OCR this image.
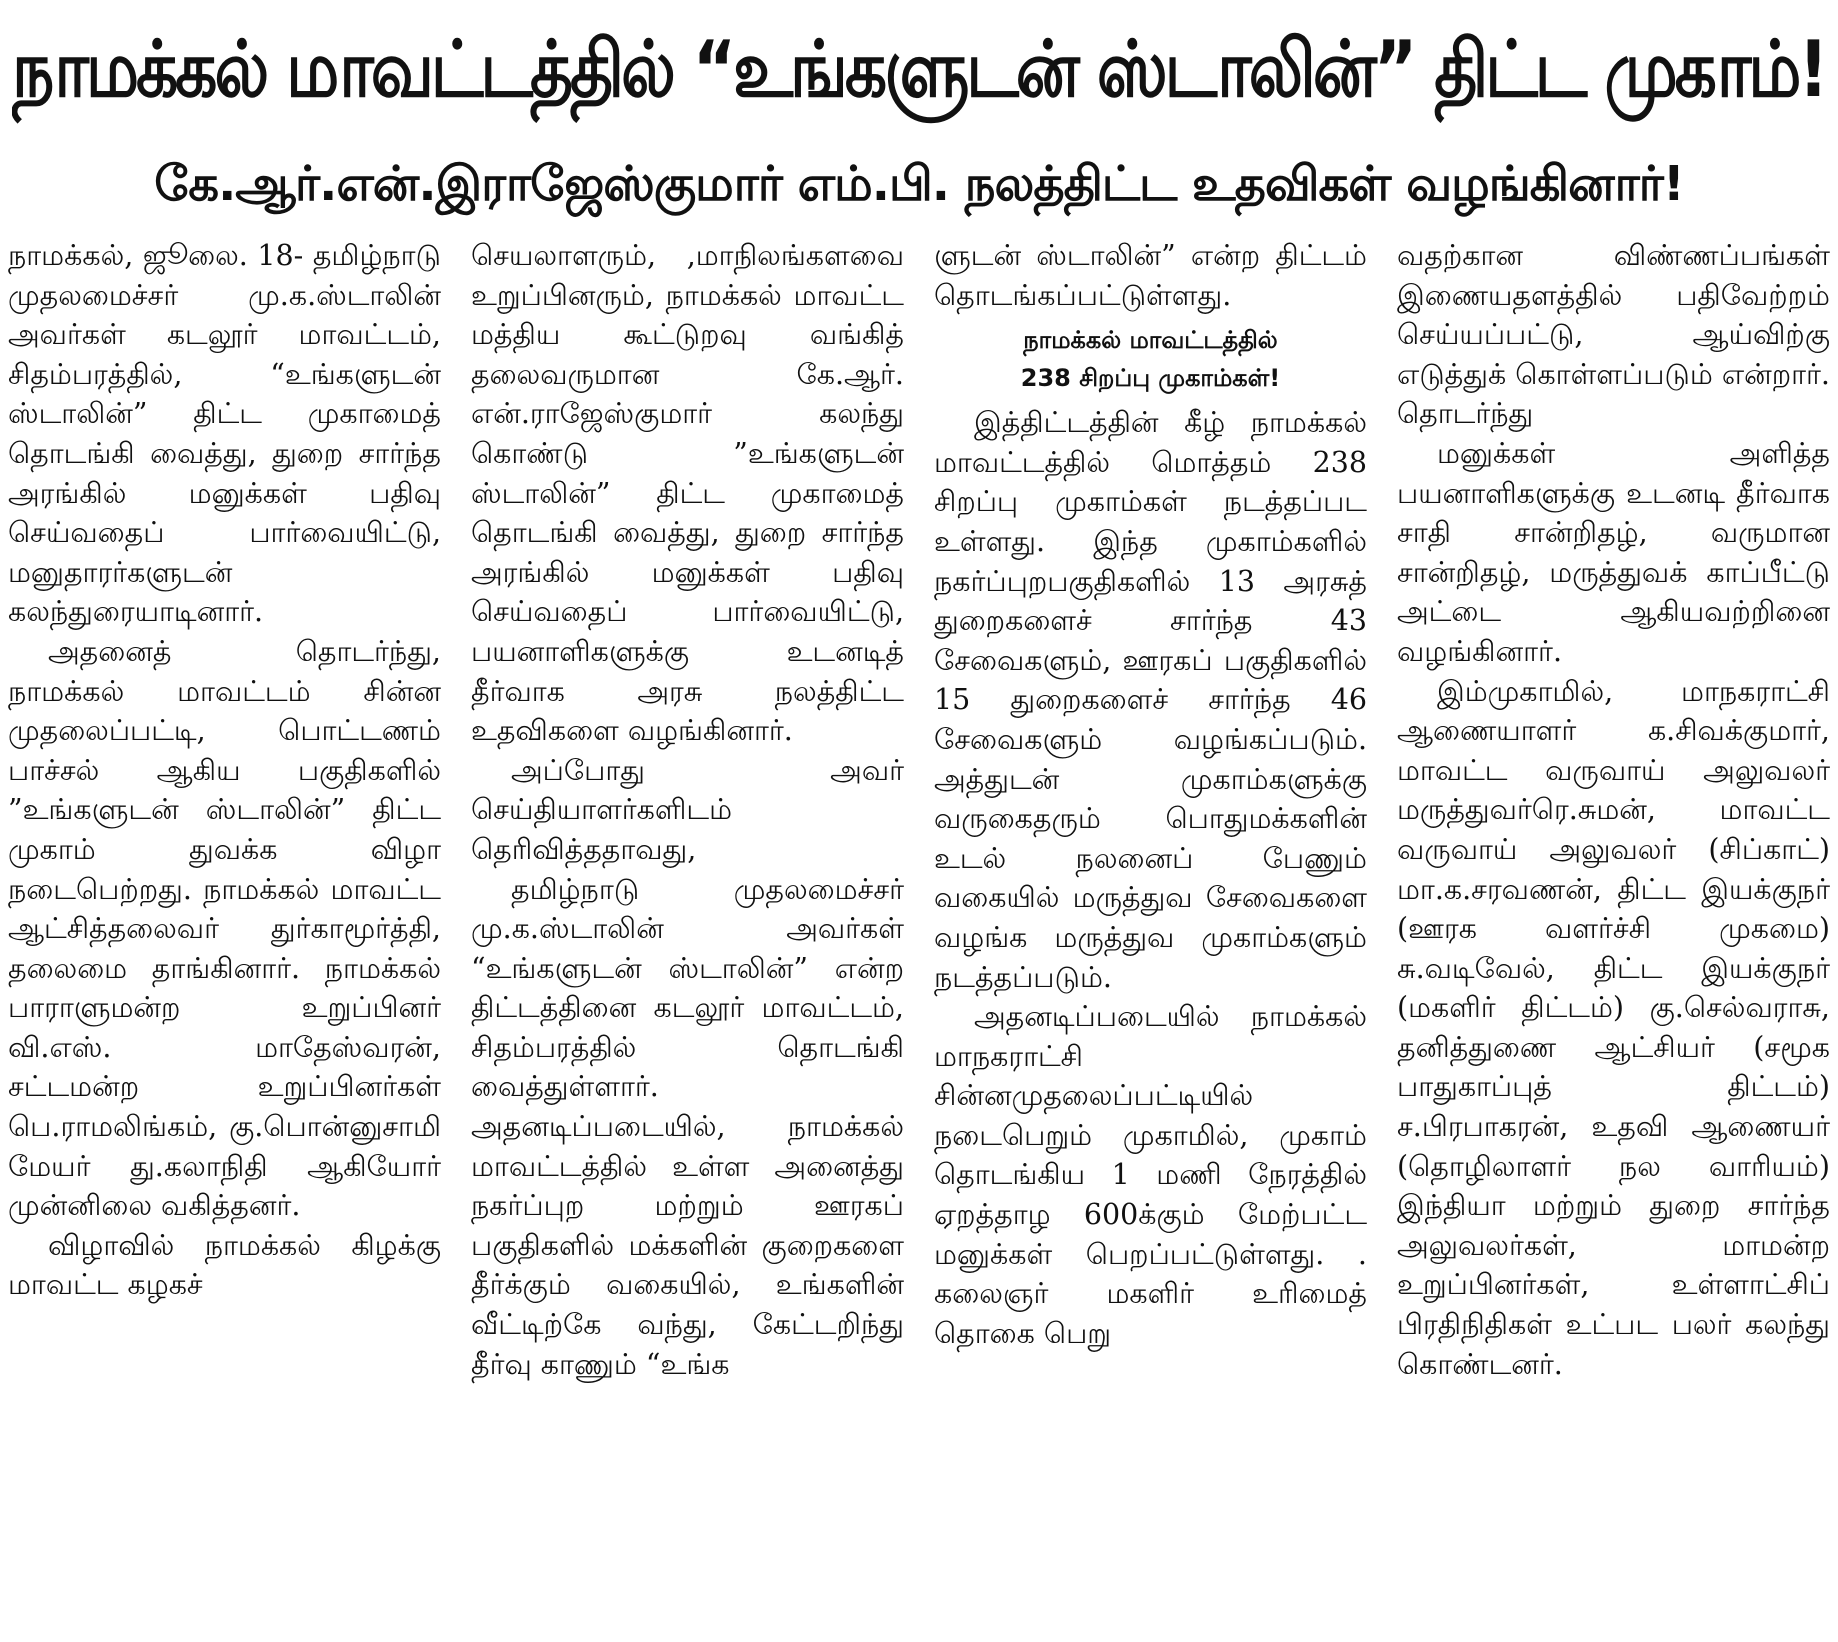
நாமக்கல் மாவட்டத்தில் “உங்களுடன் ஸ்டாலின்” திட்ட முகாம்!
கே.ஆர்.என்.இராஜேஸ்குமார் எம்.பி. நலத்திட்ட உதவிகள் வழங்கினார்!

நாமக்கல், ஜூலை. 18- தமிழ்நாடு முதலமைச்சர் மு.க.ஸ்டாலின் அவர்கள் கடலூர் மாவட்டம், சிதம்பரத்தில், “உங்களுடன் ஸ்டாலின்” திட்ட முகாமைத் தொடங்கி வைத்து, துறை சார்ந்த அரங்கில் மனுக்கள் பதிவு செய்வதைப் பார்வையிட்டு, மனுதாரர்களுடன் கலந்துரையாடினார்.

அதனைத் தொடர்ந்து, நாமக்கல் மாவட்டம் சின்ன முதலைப்பட்டி, பொட்டணம் பாச்சல் ஆகிய பகுதிகளில் ”உங்களுடன் ஸ்டாலின்” திட்ட முகாம் துவக்க விழா நடைபெற்றது. நாமக்கல் மாவட்ட ஆட்சித்தலைவர் துர்காமூர்த்தி, தலைமை தாங்கினார். நாமக்கல் பாராளுமன்ற உறுப்பினர் வி.எஸ். மாதேஸ்வரன், சட்டமன்ற உறுப்பினர்கள் பெ.ராமலிங்கம், கு.பொன்னுசாமி மேயர் து.கலாநிதி ஆகியோர் முன்னிலை வகித்தனர்.

விழாவில் நாமக்கல் கிழக்கு மாவட்ட கழகச்

செயலாளரும், ,மாநிலங்களவை உறுப்பினரும், நாமக்கல் மாவட்ட மத்திய கூட்டுறவு வங்கித் தலைவருமான கே.ஆர். என்.ராஜேஸ்குமார் கலந்து கொண்டு ”உங்களுடன் ஸ்டாலின்” திட்ட முகாமைத் தொடங்கி வைத்து, துறை சார்ந்த அரங்கில் மனுக்கள் பதிவு செய்வதைப் பார்வையிட்டு, பயனாளிகளுக்கு உடனடித் தீர்வாக அரசு நலத்திட்ட உதவிகளை வழங்கினார்.

அப்போது அவர் செய்தியாளர்களிடம் தெரிவித்ததாவது,

தமிழ்நாடு முதலமைச்சர் மு.க.ஸ்டாலின் அவர்கள் “உங்களுடன் ஸ்டாலின்” என்ற திட்டத்தினை கடலூர் மாவட்டம், சிதம்பரத்தில் தொடங்கி வைத்துள்ளார். அதனடிப்படையில், நாமக்கல் மாவட்டத்தில் உள்ள அனைத்து நகர்ப்புற மற்றும் ஊரகப் பகுதிகளில் மக்களின் குறைகளை தீர்க்கும் வகையில், உங்களின் வீட்டிற்கே வந்து, கேட்டறிந்து தீர்வு காணும் “உங்க

ளுடன் ஸ்டாலின்” என்ற திட்டம் தொடங்கப்பட்டுள்ளது.

நாமக்கல் மாவட்டத்தில்
238 சிறப்பு முகாம்கள்!

இத்திட்டத்தின் கீழ் நாமக்கல் மாவட்டத்தில் மொத்தம் 238 சிறப்பு முகாம்கள் நடத்தப்பட உள்ளது. இந்த முகாம்களில் நகர்ப்புறபகுதிகளில் 13 அரசுத் துறைகளைச் சார்ந்த 43 சேவைகளும், ஊரகப் பகுதிகளில் 15 துறைகளைச் சார்ந்த 46 சேவைகளும் வழங்கப்படும். அத்துடன் முகாம்களுக்கு வருகைதரும் பொதுமக்களின் உடல் நலனைப் பேணும் வகையில் மருத்துவ சேவைகளை வழங்க மருத்துவ முகாம்களும் நடத்தப்படும்.

அதனடிப்படையில் நாமக்கல் மாநகராட்சி சின்னமுதலைப்பட்டியில் நடைபெறும் முகாமில், முகாம் தொடங்கிய 1 மணி நேரத்தில் ஏறத்தாழ 600க்கும் மேற்பட்ட மனுக்கள் பெறப்பட்டுள்ளது. . கலைஞர் மகளிர் உரிமைத் தொகை பெறு

வதற்கான விண்ணப்பங்கள் இணையதளத்தில் பதிவேற்றம் செய்யப்பட்டு, ஆய்விற்கு எடுத்துக் கொள்ளப்படும் என்றார். தொடர்ந்து

மனுக்கள் அளித்த பயனாளிகளுக்கு உடனடி தீர்வாக சாதி சான்றிதழ், வருமான சான்றிதழ், மருத்துவக் காப்பீட்டு அட்டை ஆகியவற்றினை வழங்கினார்.

இம்முகாமில், மாநகராட்சி ஆணையாளர் க.சிவக்குமார், மாவட்ட வருவாய் அலுவலர் மருத்துவர்ரெ.சுமன், மாவட்ட வருவாய் அலுவலர் (சிப்காட்) மா.க.சரவணன், திட்ட இயக்குநர் (ஊரக வளர்ச்சி முகமை) சு.வடிவேல், திட்ட இயக்குநர் (மகளிர் திட்டம்) கு.செல்வராசு, தனித்துணை ஆட்சியர் (சமூக பாதுகாப்புத் திட்டம்) ச.பிரபாகரன், உதவி ஆணையர் (தொழிலாளர் நல வாரியம்) இந்தியா மற்றும் துறை சார்ந்த அலுவலர்கள், மாமன்ற உறுப்பினர்கள், உள்ளாட்சிப் பிரதிநிதிகள் உட்பட பலர் கலந்து கொண்டனர்.
